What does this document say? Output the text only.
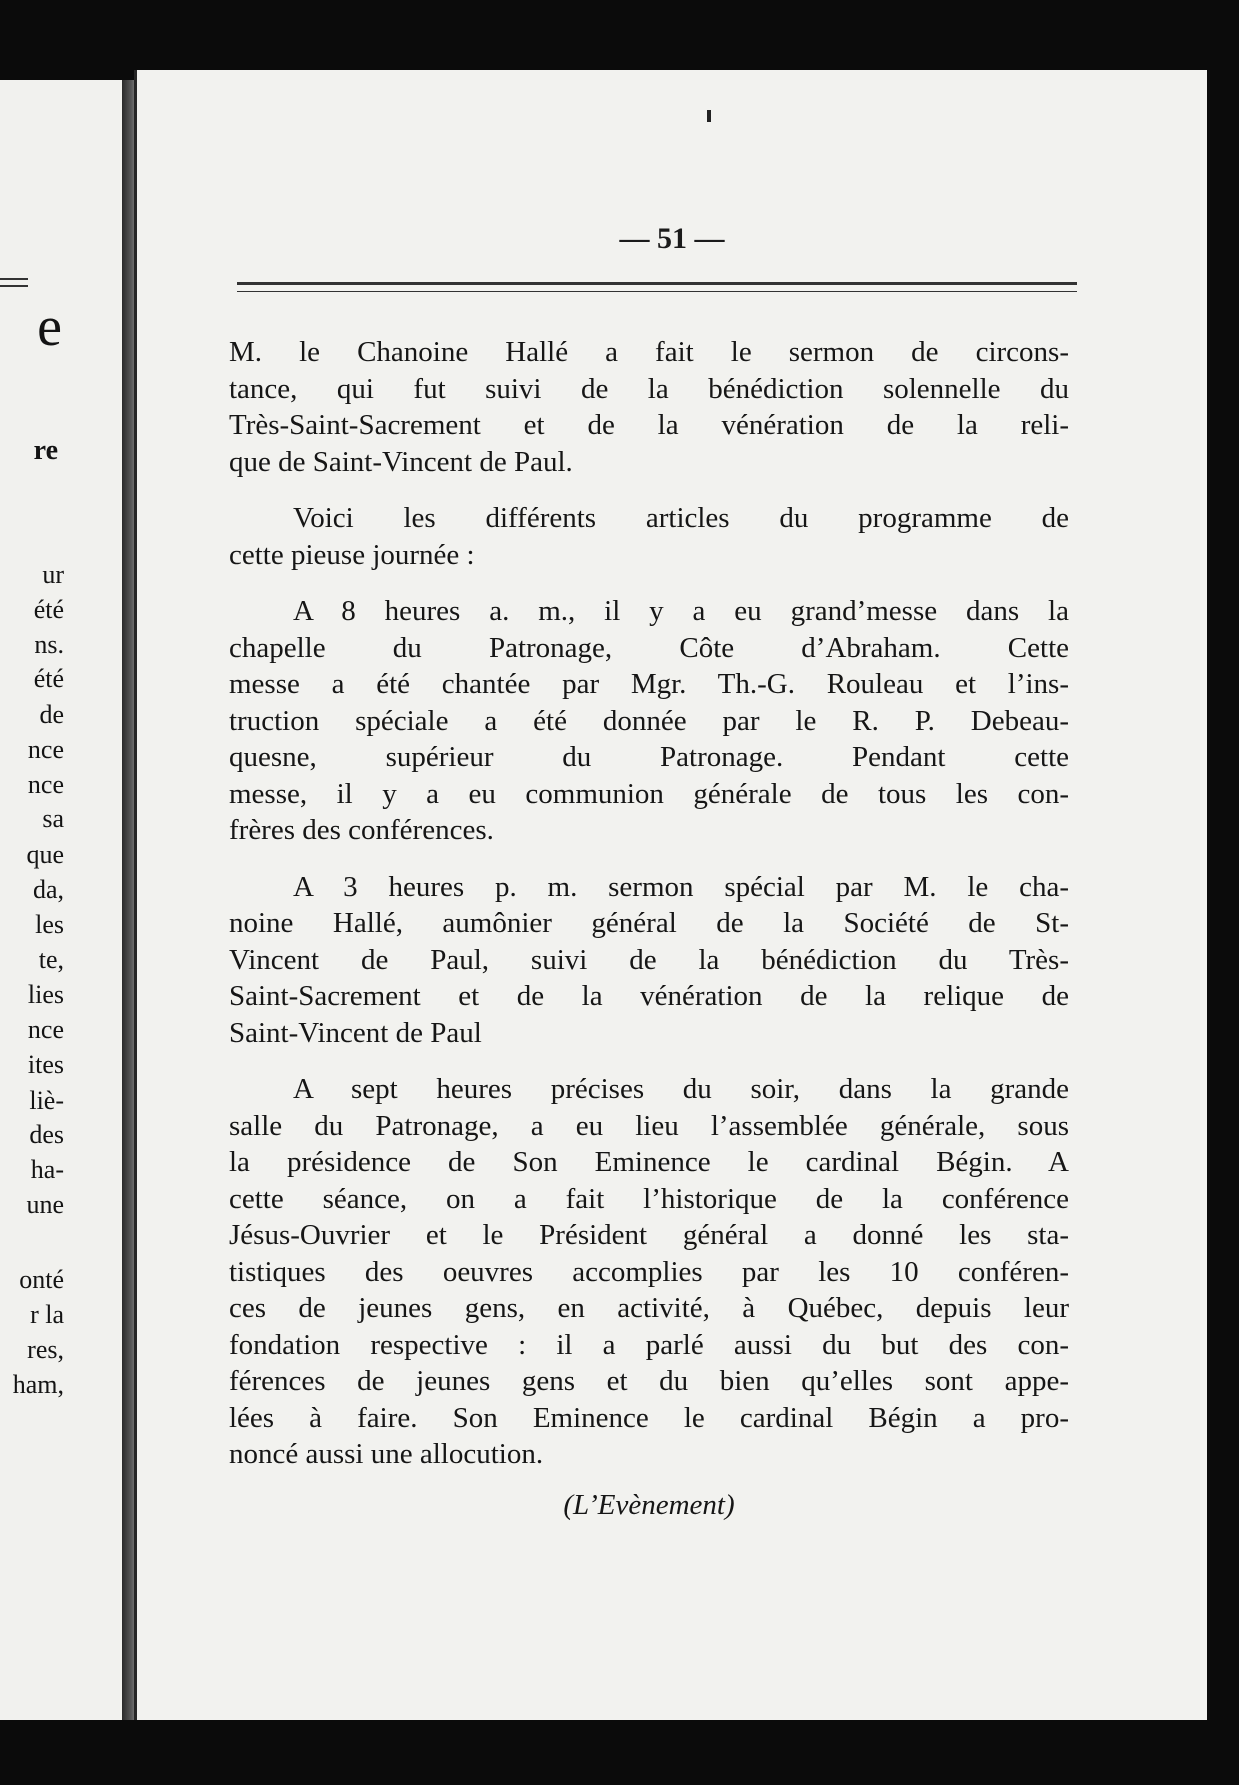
e
re
ur
été
ns.
été
de
nce
nce
sa
que
da,
les
te,
lies
nce
ites
liè-
des
ha-
une
onté
r la
res,
ham,
— 51 —
M. le Chanoine Hallé a fait le sermon de circons-
tance, qui fut suivi de la bénédiction solennelle du
Très-Saint-Sacrement et de la vénération de la reli-
que de Saint-Vincent de Paul.
Voici les différents articles du programme de
cette pieuse journée :
A 8 heures a. m., il y a eu grand’messe dans la
chapelle du Patronage, Côte d’Abraham. Cette
messe a été chantée par Mgr. Th.-G. Rouleau et l’ins-
truction spéciale a été donnée par le R. P. Debeau-
quesne, supérieur du Patronage. Pendant cette
messe, il y a eu communion générale de tous les con-
frères des conférences.
A 3 heures p. m. sermon spécial par M. le cha-
noine Hallé, aumônier général de la Société de St-
Vincent de Paul, suivi de la bénédiction du Très-
Saint-Sacrement et de la vénération de la relique de
Saint-Vincent de Paul
A sept heures précises du soir, dans la grande
salle du Patronage, a eu lieu l’assemblée générale, sous
la présidence de Son Eminence le cardinal Bégin. A
cette séance, on a fait l’historique de la conférence
Jésus-Ouvrier et le Président général a donné les sta-
tistiques des oeuvres accomplies par les 10 conféren-
ces de jeunes gens, en activité, à Québec, depuis leur
fondation respective : il a parlé aussi du but des con-
férences de jeunes gens et du bien qu’elles sont appe-
lées à faire. Son Eminence le cardinal Bégin a pro-
noncé aussi une allocution.
(L’Evènement)
